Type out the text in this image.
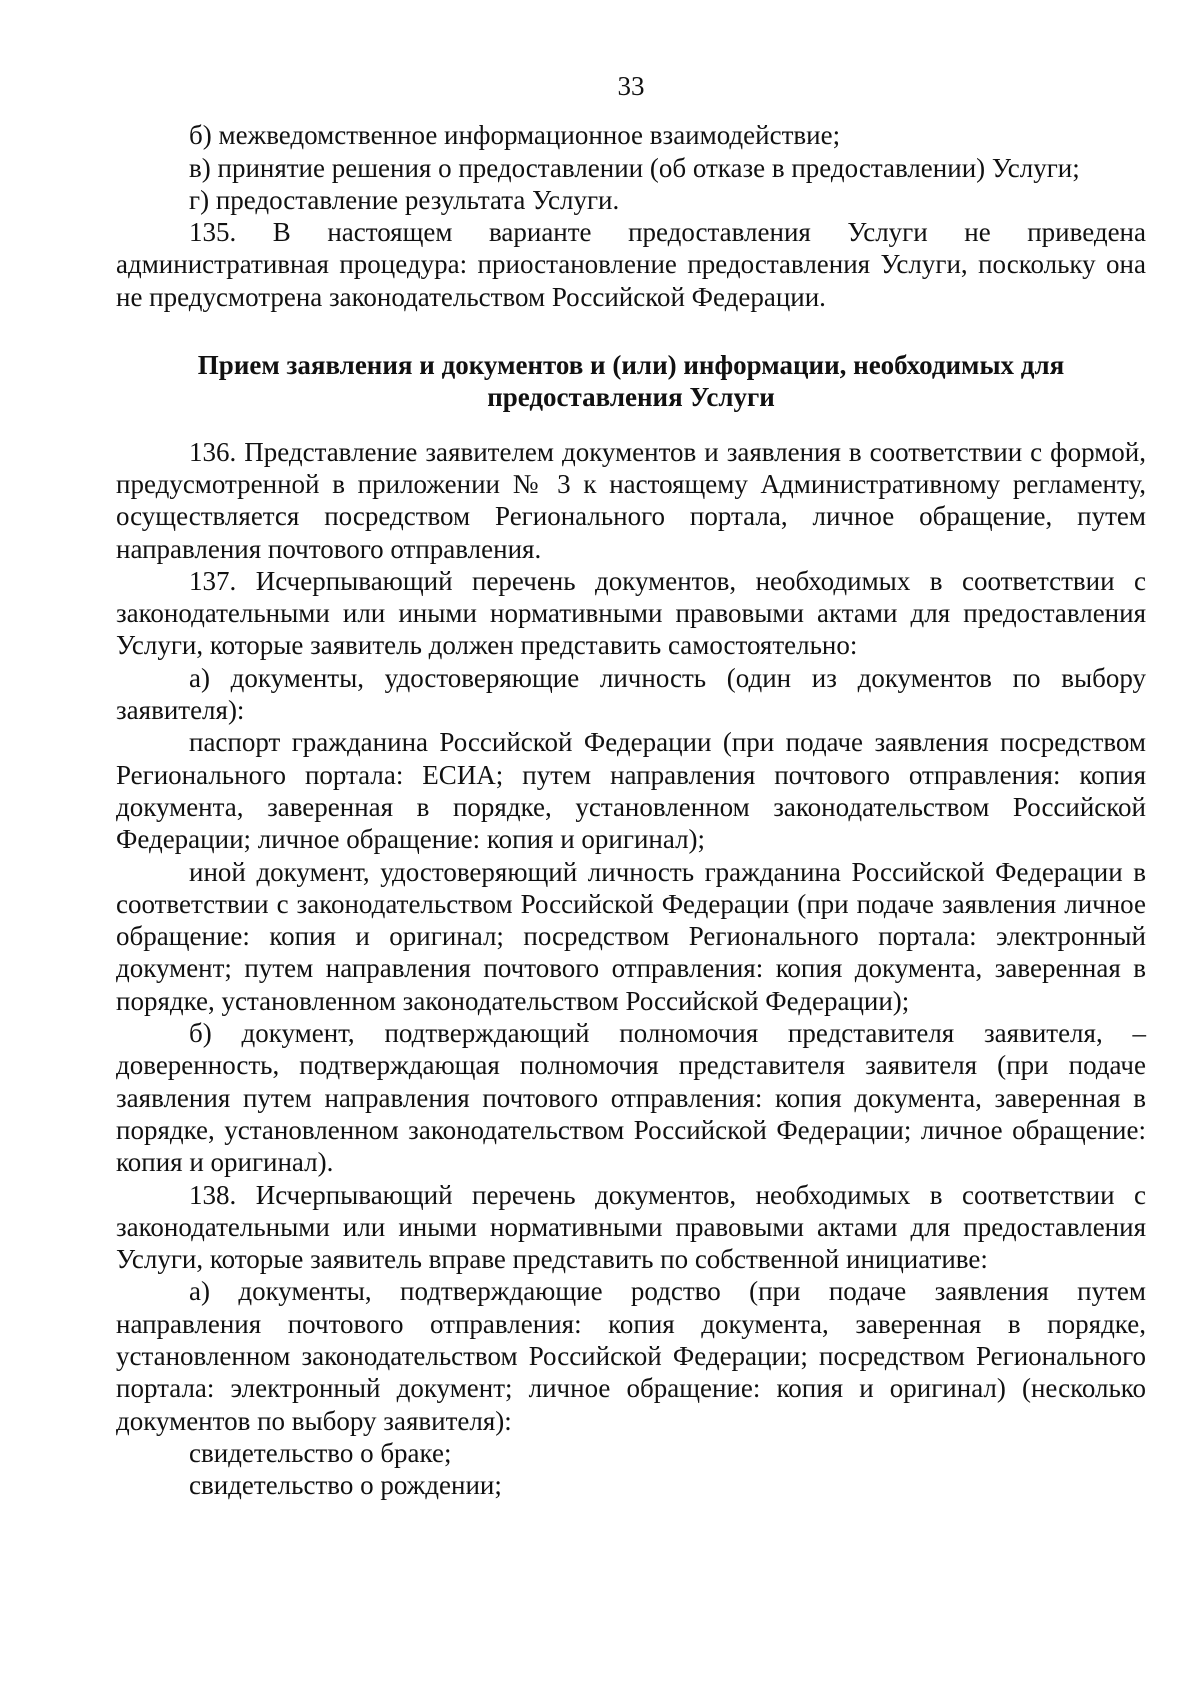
33

б) межведомственное информационное взаимодействие;

в) принятие решения о предоставлении (об отказе в предоставлении) Услуги;

г) предоставление результата Услуги.

135. В настоящем варианте предоставления Услуги не приведена административная процедура: приостановление предоставления Услуги, поскольку она не предусмотрена законодательством Российской Федерации.

Прием заявления и документов и (или) информации, необходимых для
предоставления Услуги

136. Представление заявителем документов и заявления в соответствии с формой, предусмотренной в приложении № 3 к настоящему Административному регламенту, осуществляется посредством Регионального портала, личное обращение, путем направления почтового отправления.

137. Исчерпывающий перечень документов, необходимых в соответствии с законодательными или иными нормативными правовыми актами для предоставления Услуги, которые заявитель должен представить самостоятельно:

а) документы, удостоверяющие личность (один из документов по выбору заявителя):

паспорт гражданина Российской Федерации (при подаче заявления посредством Регионального портала: ЕСИА; путем направления почтового отправления: копия документа, заверенная в порядке, установленном законодательством Российской Федерации; личное обращение: копия и оригинал);

иной документ, удостоверяющий личность гражданина Российской Федерации в соответствии с законодательством Российской Федерации (при подаче заявления личное обращение: копия и оригинал; посредством Регионального портала: электронный документ; путем направления почтового отправления: копия документа, заверенная в порядке, установленном законодательством Российской Федерации);

б) документ, подтверждающий полномочия представителя заявителя, – доверенность, подтверждающая полномочия представителя заявителя (при подаче заявления путем направления почтового отправления: копия документа, заверенная в порядке, установленном законодательством Российской Федерации; личное обращение: копия и оригинал).

138. Исчерпывающий перечень документов, необходимых в соответствии с законодательными или иными нормативными правовыми актами для предоставления Услуги, которые заявитель вправе представить по собственной инициативе:

а) документы, подтверждающие родство (при подаче заявления путем направления почтового отправления: копия документа, заверенная в порядке, установленном законодательством Российской Федерации; посредством Регионального портала: электронный документ; личное обращение: копия и оригинал) (несколько документов по выбору заявителя):

свидетельство о браке;

свидетельство о рождении;
